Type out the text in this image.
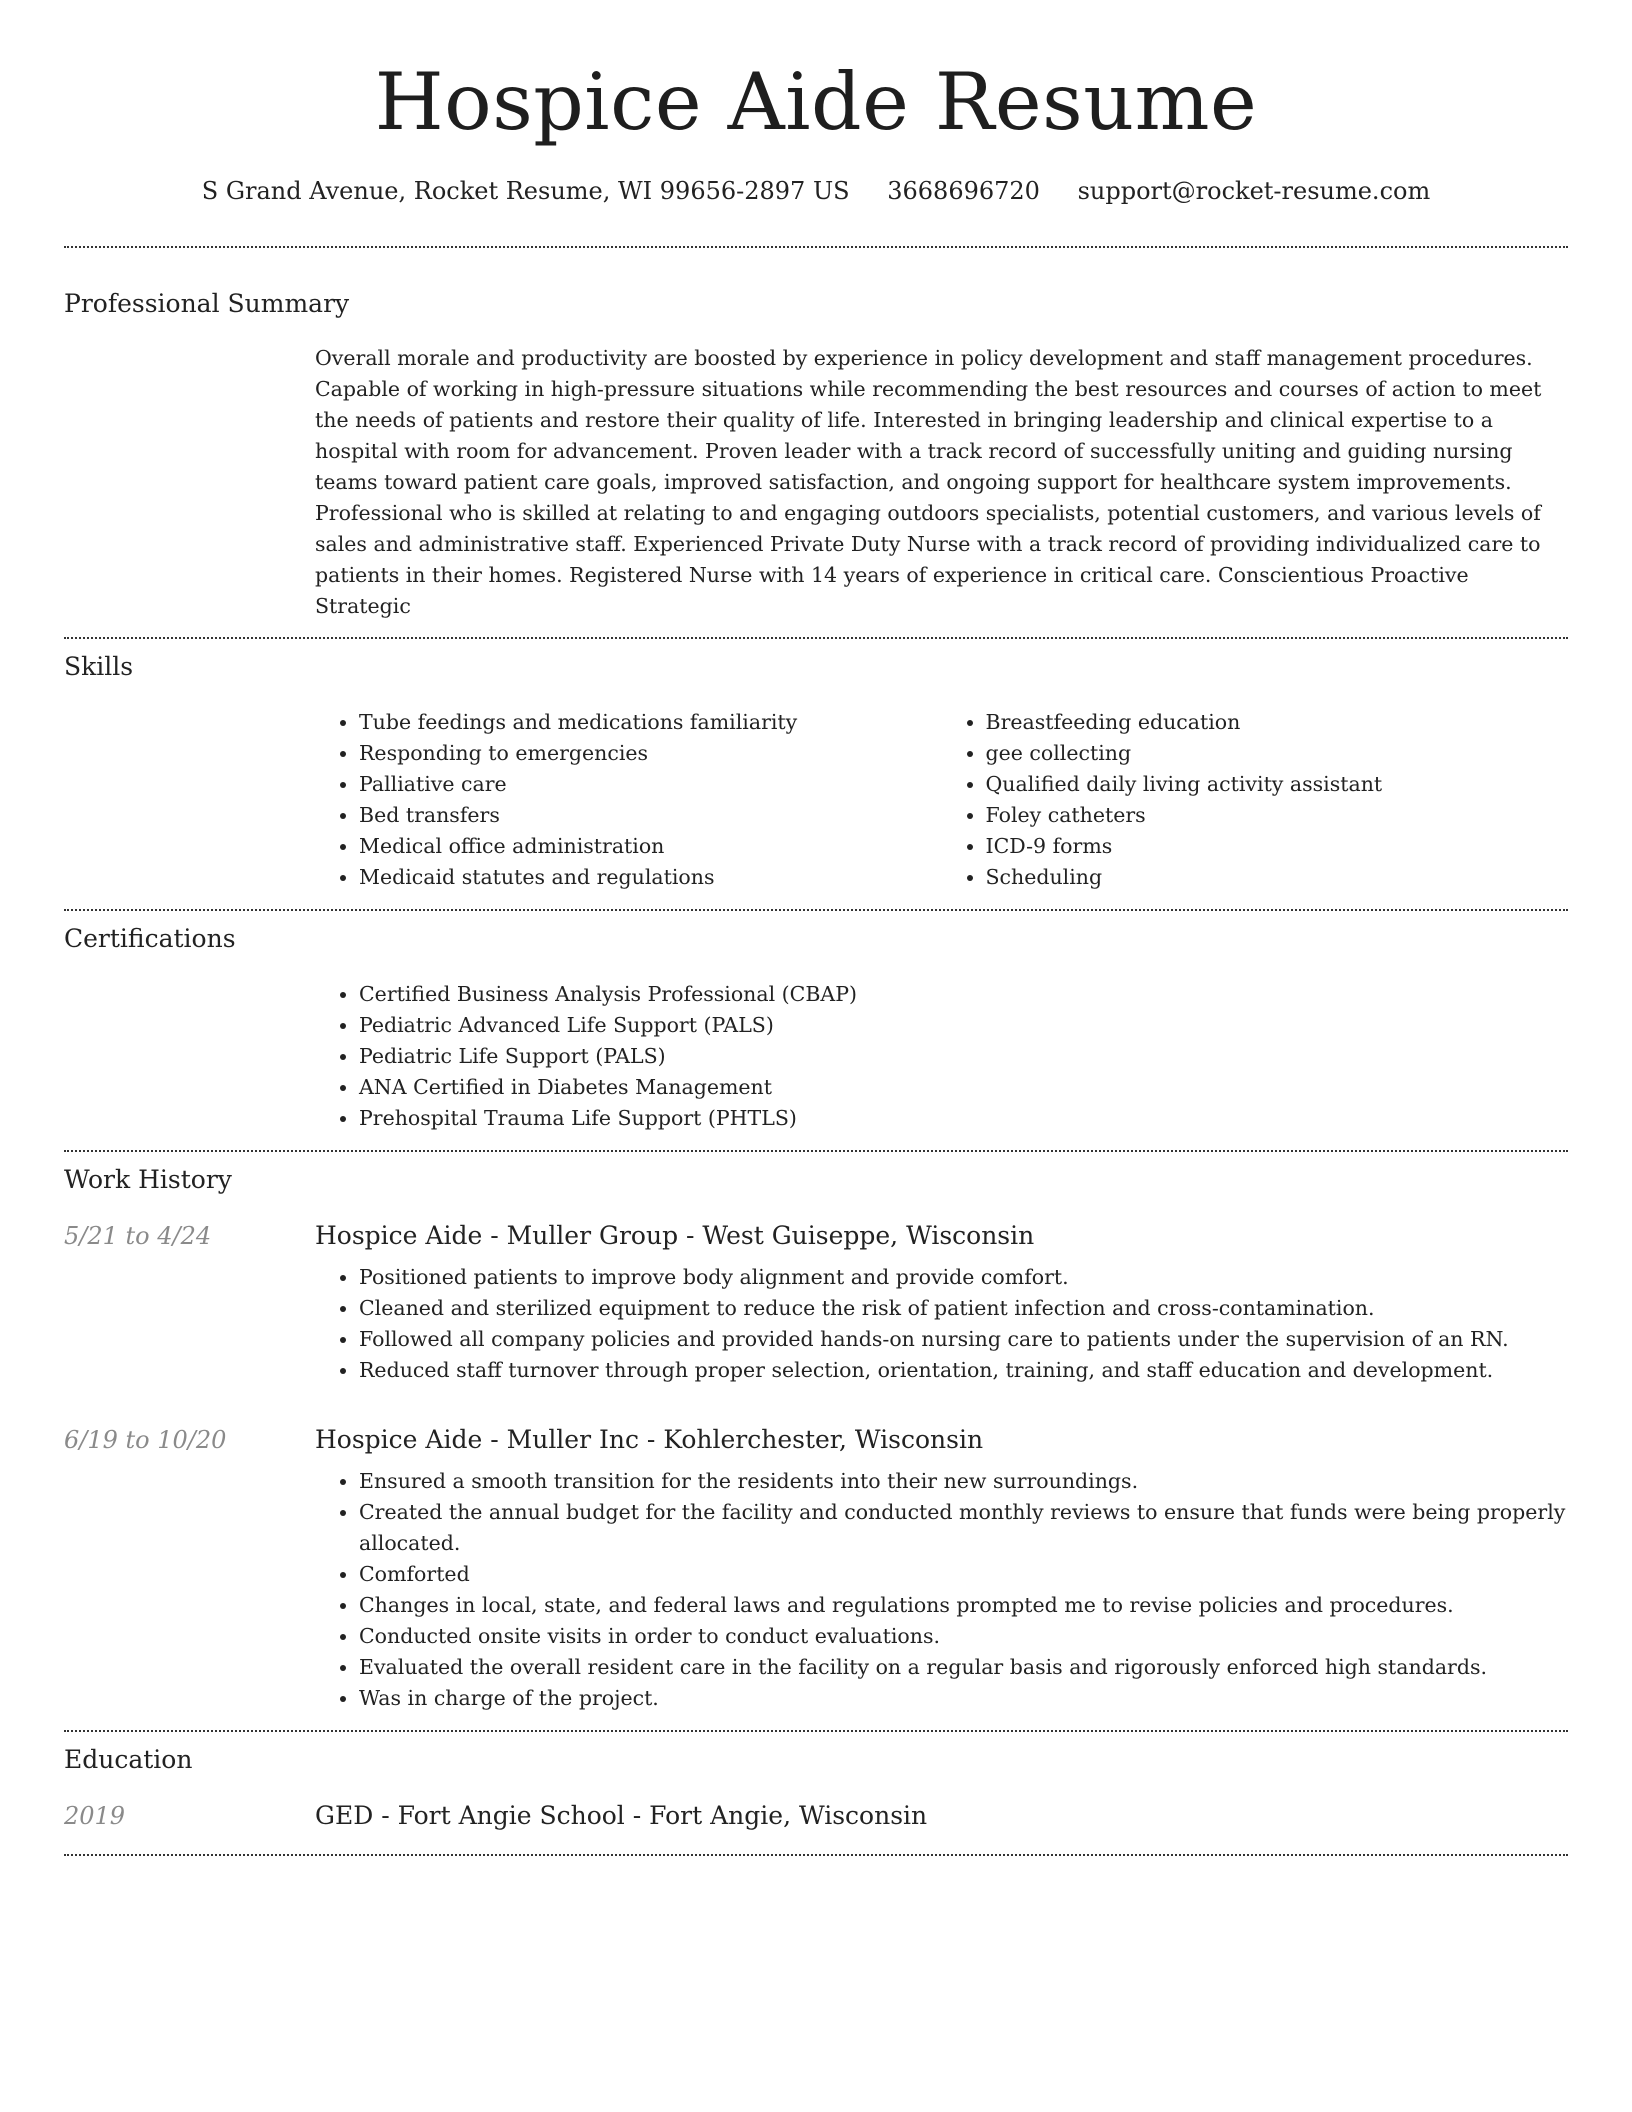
Hospice Aide Resume
S Grand Avenue, Rocket Resume, WI 99656-2897 US 3668696720 support@rocket-resume.com
Professional Summary

Overall morale and productivity are boosted by experience in policy development and staff management procedures. Capable of working in high-pressure situations while recommending the best resources and courses of action to meet the needs of patients and restore their quality of life. Interested in bringing leadership and clinical expertise to a hospital with room for advancement. Proven leader with a track record of successfully uniting and guiding nursing teams toward patient care goals, improved satisfaction, and ongoing support for healthcare system improvements. Professional who is skilled at relating to and engaging outdoors specialists, potential customers, and various levels of sales and administrative staff. Experienced Private Duty Nurse with a track record of providing individualized care to patients in their homes. Registered Nurse with 14 years of experience in critical care. Conscientious Proactive Strategic

Skills
• Tube feedings and medications familiarity
• Responding to emergencies
• Palliative care
• Bed transfers
• Medical office administration
• Medicaid statutes and regulations
• Breastfeeding education
• gee collecting
• Qualified daily living activity assistant
• Foley catheters
• ICD-9 forms
• Scheduling
Certifications
• Certified Business Analysis Professional (CBAP)
• Pediatric Advanced Life Support (PALS)
• Pediatric Life Support (PALS)
• ANA Certified in Diabetes Management
• Prehospital Trauma Life Support (PHTLS)
Work History
5/21 to 4/24	Hospice Aide - Muller Group - West Guiseppe, Wisconsin
• Positioned patients to improve body alignment and provide comfort.
• Cleaned and sterilized equipment to reduce the risk of patient infection and cross-contamination.
• Followed all company policies and provided hands-on nursing care to patients under the supervision of an RN.
• Reduced staff turnover through proper selection, orientation, training, and staff education and development.
6/19 to 10/20	Hospice Aide - Muller Inc - Kohlerchester, Wisconsin
• Ensured a smooth transition for the residents into their new surroundings.
• Created the annual budget for the facility and conducted monthly reviews to ensure that funds were being properly allocated.
• Comforted
• Changes in local, state, and federal laws and regulations prompted me to revise policies and procedures.
• Conducted onsite visits in order to conduct evaluations.
• Evaluated the overall resident care in the facility on a regular basis and rigorously enforced high standards.
• Was in charge of the project.
Education
2019	GED - Fort Angie School - Fort Angie, Wisconsin
